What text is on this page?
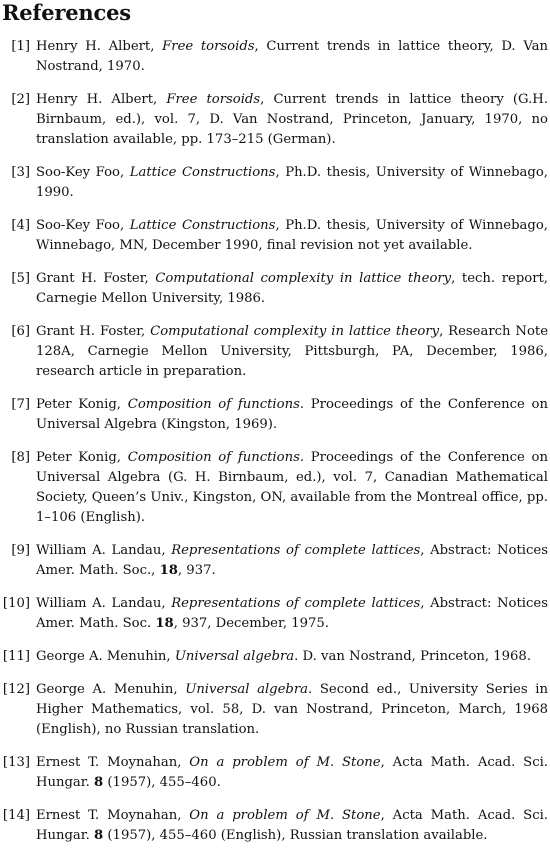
References
[1] Henry H. Albert, Free torsoids, Current trends in lattice theory, D. Van Nostrand, 1970.
[2] Henry H. Albert, Free torsoids, Current trends in lattice theory (G.H. Birnbaum, ed.), vol. 7, D. Van Nostrand, Princeton, January, 1970, no translation available, pp. 173–215 (German).
[3] Soo-Key Foo, Lattice Constructions, Ph.D. thesis, University of Winnebago, 1990.
[4] Soo-Key Foo, Lattice Constructions, Ph.D. thesis, University of Winnebago, Winnebago, MN, December 1990, final revision not yet available.
[5] Grant H. Foster, Computational complexity in lattice theory, tech. report, Carnegie Mellon University, 1986.
[6] Grant H. Foster, Computational complexity in lattice theory, Research Note 128A, Carnegie Mellon University, Pittsburgh, PA, December, 1986, research article in preparation.
[7] Peter Konig, Composition of functions. Proceedings of the Conference on Universal Algebra (Kingston, 1969).
[8] Peter Konig, Composition of functions. Proceedings of the Conference on Universal Algebra (G. H. Birnbaum, ed.), vol. 7, Canadian Mathematical Society, Queen’s Univ., Kingston, ON, available from the Montreal office, pp. 1–106 (English).
[9] William A. Landau, Representations of complete lattices, Abstract: Notices Amer. Math. Soc., 18, 937.
[10] William A. Landau, Representations of complete lattices, Abstract: Notices Amer. Math. Soc. 18, 937, December, 1975.
[11] George A. Menuhin, Universal algebra. D. van Nostrand, Princeton, 1968.
[12] George A. Menuhin, Universal algebra. Second ed., University Series in Higher Mathematics, vol. 58, D. van Nostrand, Princeton, March, 1968 (English), no Russian translation.
[13] Ernest T. Moynahan, On a problem of M. Stone, Acta Math. Acad. Sci. Hungar. 8 (1957), 455–460.
[14] Ernest T. Moynahan, On a problem of M. Stone, Acta Math. Acad. Sci. Hungar. 8 (1957), 455–460 (English), Russian translation available.
